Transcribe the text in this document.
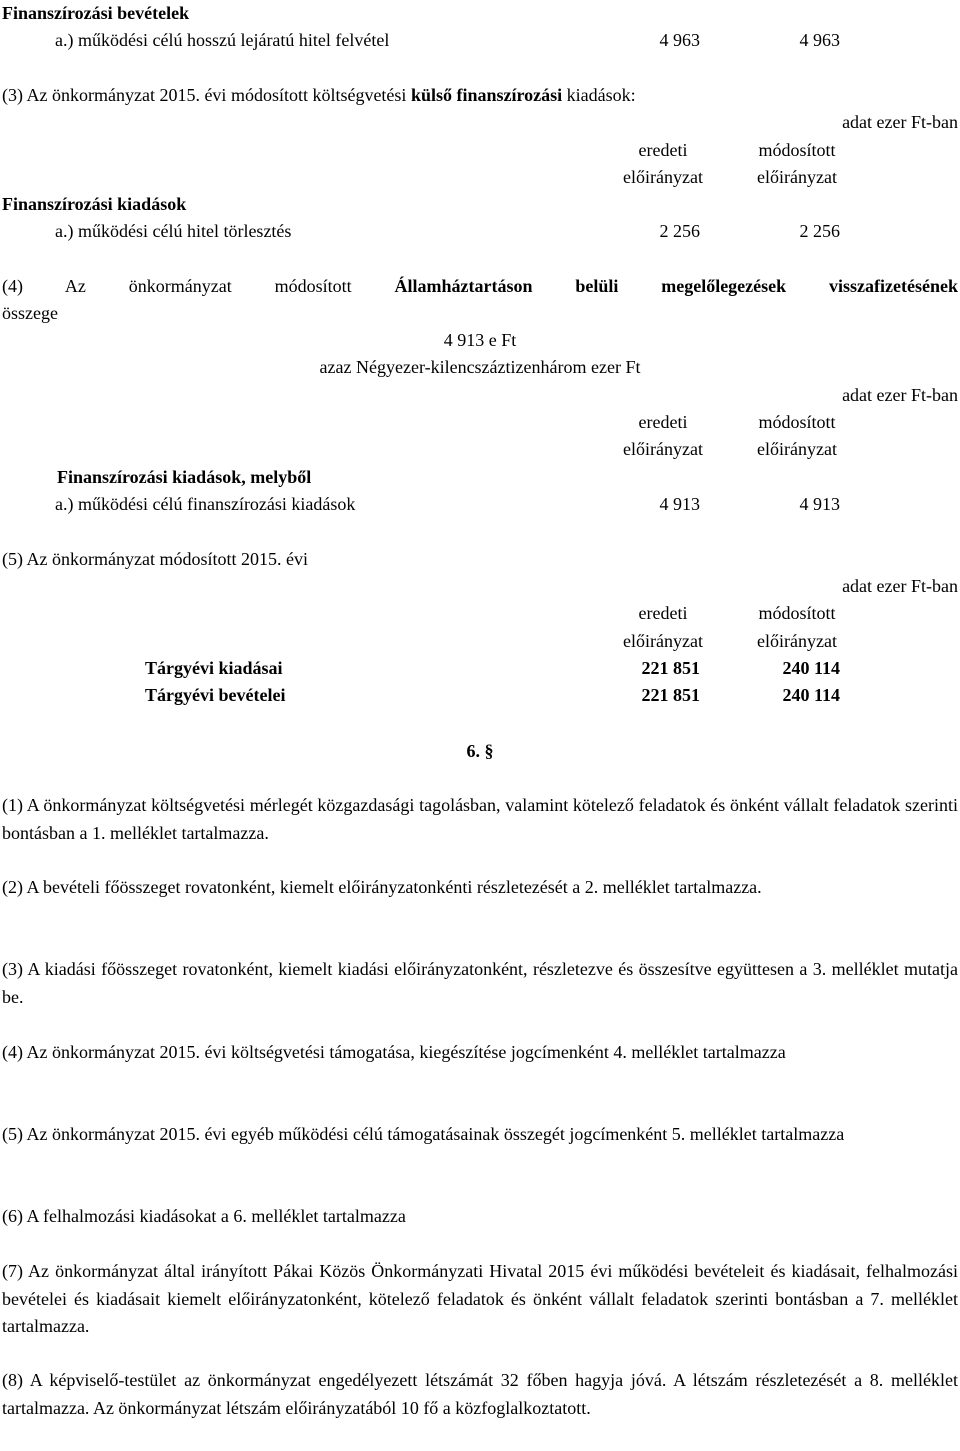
Finanszírozási bevételek
a.) működési célú hosszú lejáratú hitel felvétel	4 963	4 963
(3) Az önkormányzat 2015. évi módosított költségvetési külső finanszírozási kiadások:
adat ezer Ft-ban
eredeti	módosított
előirányzat	előirányzat
Finanszírozási kiadások
a.) működési célú hitel törlesztés	2 256	2 256
(4) Az önkormányzat módosított Államháztartáson belüli megelőlegezések visszafizetésének
összege
4 913 e Ft
azaz Négyezer-kilencszáztizenhárom ezer Ft
adat ezer Ft-ban
eredeti	módosított
előirányzat	előirányzat
Finanszírozási kiadások, melyből
a.) működési célú finanszírozási kiadások	4 913	4 913
(5) Az önkormányzat módosított 2015. évi
adat ezer Ft-ban
eredeti	módosított
előirányzat	előirányzat
Tárgyévi kiadásai	221 851	240 114
Tárgyévi bevételei	221 851	240 114
6. §
(1) A önkormányzat költségvetési mérlegét közgazdasági tagolásban, valamint kötelező feladatok és önként vállalt feladatok szerinti bontásban a 1. melléklet tartalmazza.
(2) A bevételi főösszeget rovatonként, kiemelt előirányzatonkénti részletezését a 2. melléklet tartalmazza.
(3) A kiadási főösszeget rovatonként, kiemelt kiadási előirányzatonként, részletezve és összesítve együttesen a 3. melléklet mutatja be.
(4) Az önkormányzat 2015. évi költségvetési támogatása, kiegészítése jogcímenként 4. melléklet tartalmazza
(5) Az önkormányzat 2015. évi egyéb működési célú támogatásainak összegét jogcímenként 5. melléklet tartalmazza
(6) A felhalmozási kiadásokat a 6. melléklet tartalmazza
(7) Az önkormányzat által irányított Pákai Közös Önkormányzati Hivatal 2015 évi működési bevételeit és kiadásait, felhalmozási bevételei és kiadásait kiemelt előirányzatonként, kötelező feladatok és önként vállalt feladatok szerinti bontásban a 7. melléklet tartalmazza.
(8) A képviselő-testület az önkormányzat engedélyezett létszámát 32 főben hagyja jóvá. A létszám részletezését a 8. melléklet tartalmazza. Az önkormányzat létszám előirányzatából 10 fő a közfoglalkoztatott.
